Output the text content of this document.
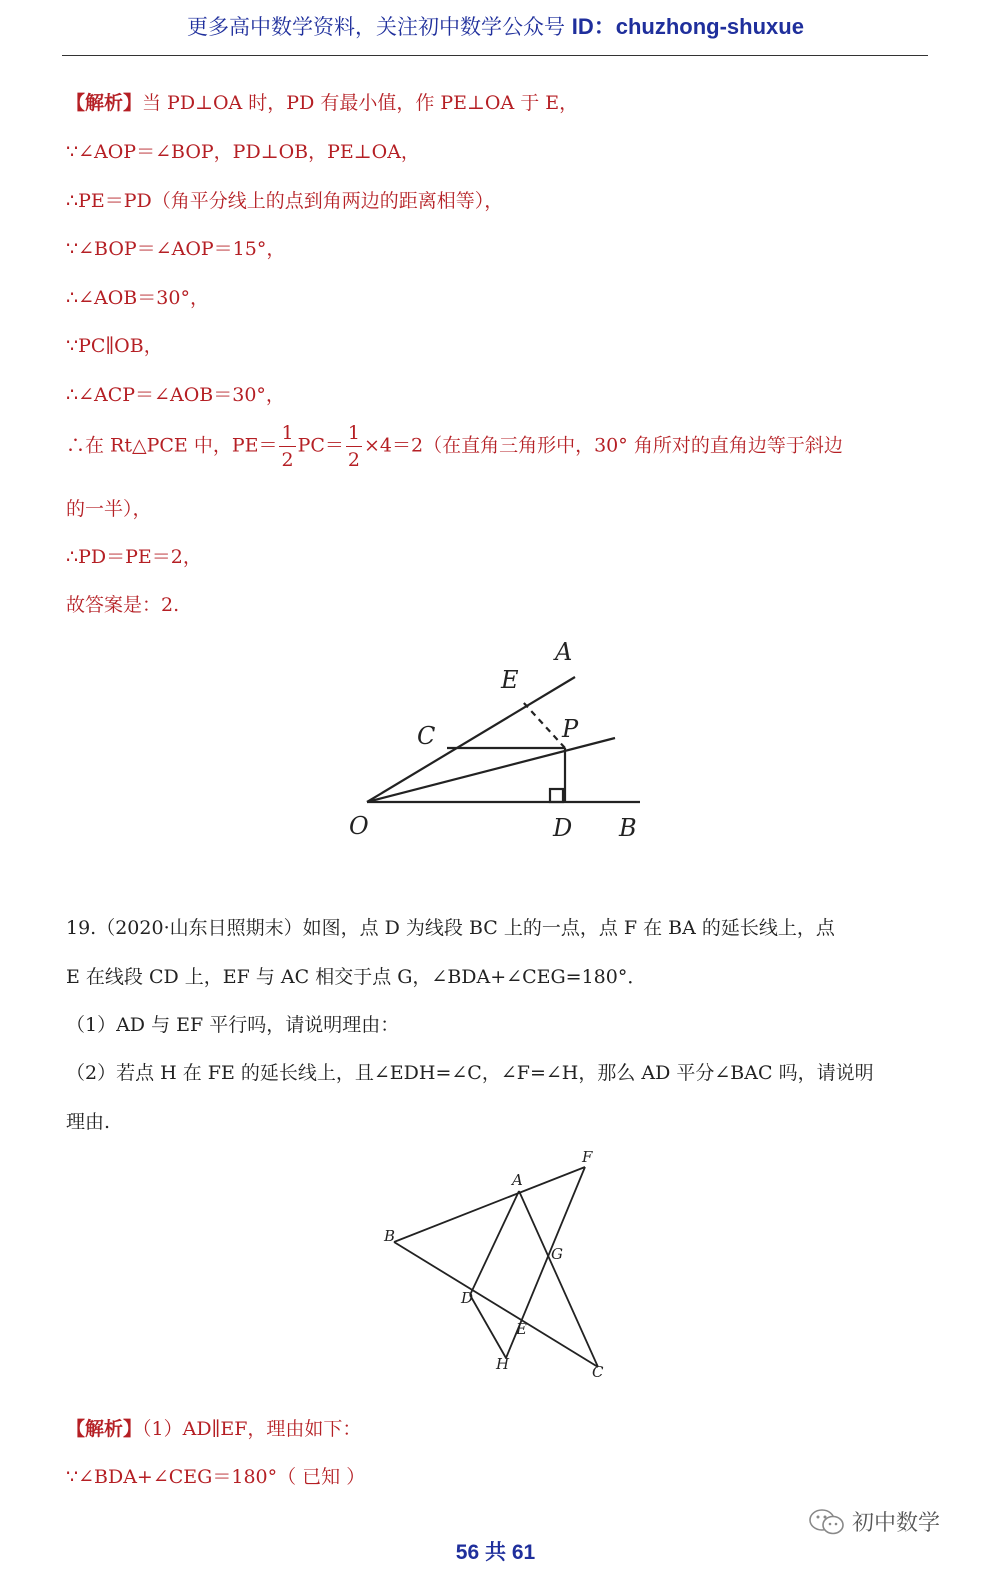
更多高中数学资料，关注初中数学公众号 ID：chuzhong-shuxue
【解析】当 PD⊥OA 时，PD 有最小值，作 PE⊥OA 于 E，
∵∠AOP＝∠BOP，PD⊥OB，PE⊥OA，
∴PE＝PD（角平分线上的点到角两边的距离相等），
∵∠BOP＝∠AOP＝15°，
∴∠AOB＝30°，
∵PC∥OB，
∴∠ACP＝∠AOB＝30°，
∴在 Rt△PCE 中，$PE= \frac{1}{2} PC= \frac{1}{2} \times 4=2$（在直角三角形中，30° 角所对的直角边等于斜边
的一半），
∴PD＝PE＝2，
故答案是：2.
A
E
C	P
O	D B
19.（2020·山东日照期末）如图，点 D 为线段 BC 上的一点，点 F 在 BA 的延长线上，点
E 在线段 CD 上，EF 与 AC 相交于点 G，∠BDA+∠CEG=180°．
（1）AD 与 EF 平行吗，请说明理由：
（2）若点 H 在 FE 的延长线上，且∠EDH=∠C，∠F=∠H，那么 AD 平分∠BAC 吗，请说明
理由.
A
F
B
G
D
E
H	C
【解析】（1）AD∥EF，理由如下：
∵∠BDA+∠CEG＝180°（ 已知 ）
初中数学
56 共 61
